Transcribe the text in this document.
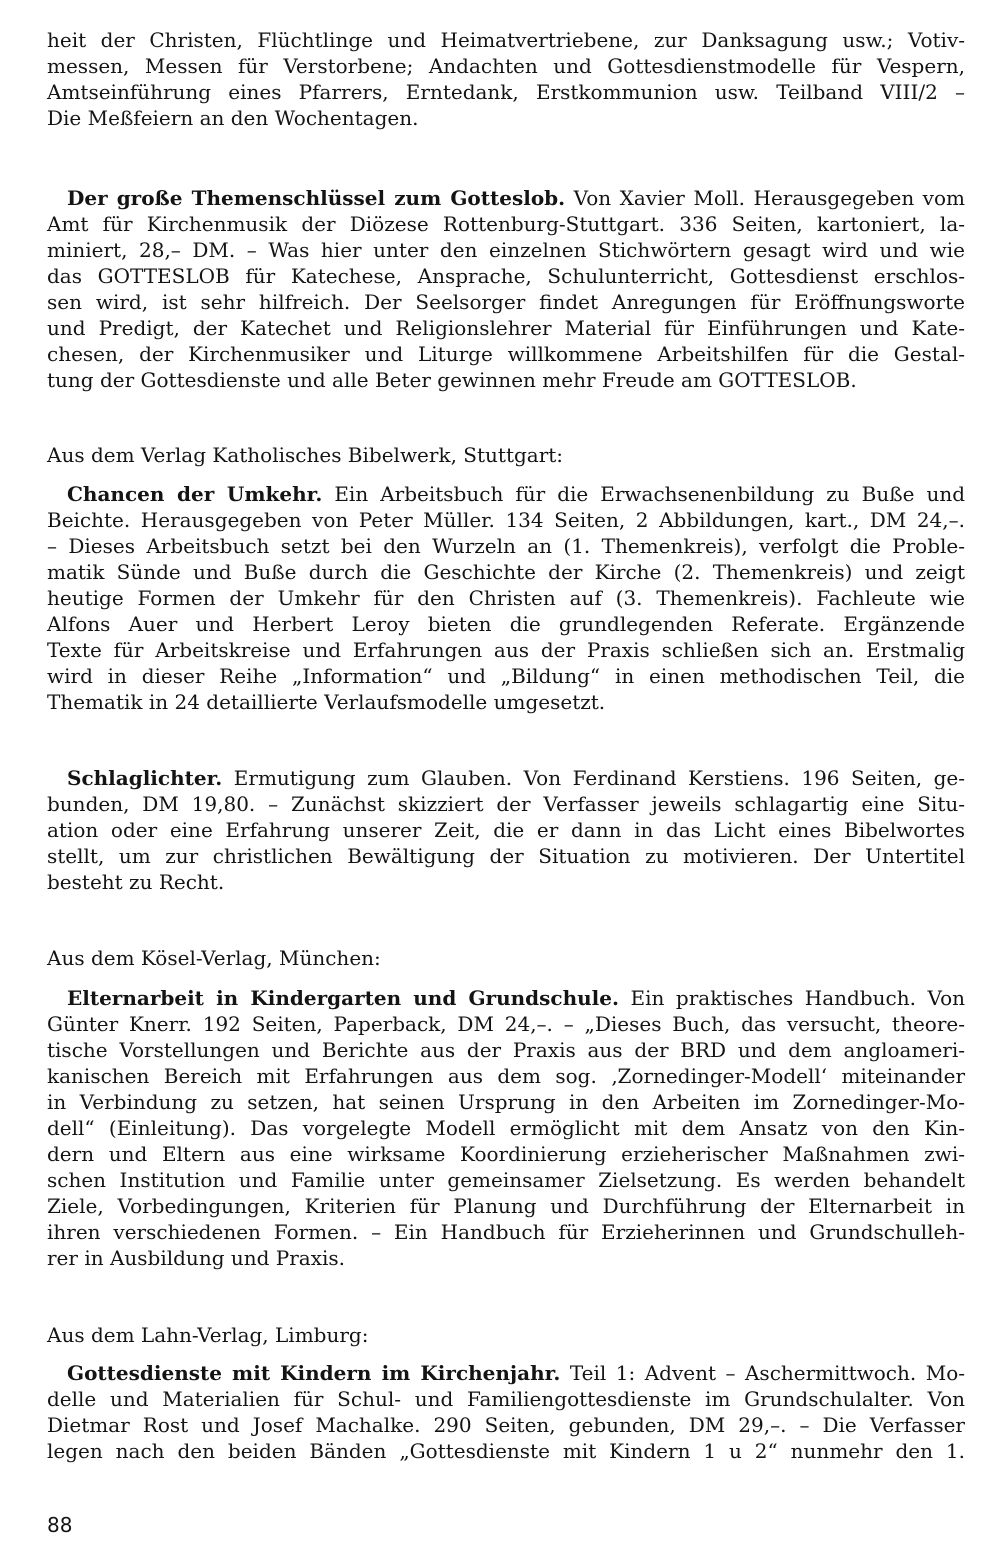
heit der Christen, Flüchtlinge und Heimatvertriebene, zur Danksagung usw.; Votiv-
messen, Messen für Verstorbene; Andachten und Gottesdienstmodelle für Vespern,
Amtseinführung eines Pfarrers, Erntedank, Erstkommunion usw. Teilband VIII/2 –
Die Meßfeiern an den Wochentagen.
Der große Themenschlüssel zum Gotteslob. Von Xavier Moll. Herausgegeben vom
Amt für Kirchenmusik der Diözese Rottenburg-Stuttgart. 336 Seiten, kartoniert, la-
miniert, 28,– DM. – Was hier unter den einzelnen Stichwörtern gesagt wird und wie
das GOTTESLOB für Katechese, Ansprache, Schulunterricht, Gottesdienst erschlos-
sen wird, ist sehr hilfreich. Der Seelsorger findet Anregungen für Eröffnungsworte
und Predigt, der Katechet und Religionslehrer Material für Einführungen und Kate-
chesen, der Kirchenmusiker und Liturge willkommene Arbeitshilfen für die Gestal-
tung der Gottesdienste und alle Beter gewinnen mehr Freude am GOTTESLOB.
Aus dem Verlag Katholisches Bibelwerk, Stuttgart:
Chancen der Umkehr. Ein Arbeitsbuch für die Erwachsenenbildung zu Buße und
Beichte. Herausgegeben von Peter Müller. 134 Seiten, 2 Abbildungen, kart., DM 24,–.
– Dieses Arbeitsbuch setzt bei den Wurzeln an (1. Themenkreis), verfolgt die Proble-
matik Sünde und Buße durch die Geschichte der Kirche (2. Themenkreis) und zeigt
heutige Formen der Umkehr für den Christen auf (3. Themenkreis). Fachleute wie
Alfons Auer und Herbert Leroy bieten die grundlegenden Referate. Ergänzende
Texte für Arbeitskreise und Erfahrungen aus der Praxis schließen sich an. Erstmalig
wird in dieser Reihe „Information“ und „Bildung“ in einen methodischen Teil, die
Thematik in 24 detaillierte Verlaufsmodelle umgesetzt.
Schlaglichter. Ermutigung zum Glauben. Von Ferdinand Kerstiens. 196 Seiten, ge-
bunden, DM 19,80. – Zunächst skizziert der Verfasser jeweils schlagartig eine Situ-
ation oder eine Erfahrung unserer Zeit, die er dann in das Licht eines Bibelwortes
stellt, um zur christlichen Bewältigung der Situation zu motivieren. Der Untertitel
besteht zu Recht.
Aus dem Kösel-Verlag, München:
Elternarbeit in Kindergarten und Grundschule. Ein praktisches Handbuch. Von
Günter Knerr. 192 Seiten, Paperback, DM 24,–. – „Dieses Buch, das versucht, theore-
tische Vorstellungen und Berichte aus der Praxis aus der BRD und dem angloameri-
kanischen Bereich mit Erfahrungen aus dem sog. ‚Zornedinger-Modell‘ miteinander
in Verbindung zu setzen, hat seinen Ursprung in den Arbeiten im Zornedinger-Mo-
dell“ (Einleitung). Das vorgelegte Modell ermöglicht mit dem Ansatz von den Kin-
dern und Eltern aus eine wirksame Koordinierung erzieherischer Maßnahmen zwi-
schen Institution und Familie unter gemeinsamer Zielsetzung. Es werden behandelt
Ziele, Vorbedingungen, Kriterien für Planung und Durchführung der Elternarbeit in
ihren verschiedenen Formen. – Ein Handbuch für Erzieherinnen und Grundschulleh-
rer in Ausbildung und Praxis.
Aus dem Lahn-Verlag, Limburg:
Gottesdienste mit Kindern im Kirchenjahr. Teil 1: Advent – Aschermittwoch. Mo-
delle und Materialien für Schul- und Familiengottesdienste im Grundschulalter. Von
Dietmar Rost und Josef Machalke. 290 Seiten, gebunden, DM 29,–. – Die Verfasser
legen nach den beiden Bänden „Gottesdienste mit Kindern 1 u 2“ nunmehr den 1.
88
